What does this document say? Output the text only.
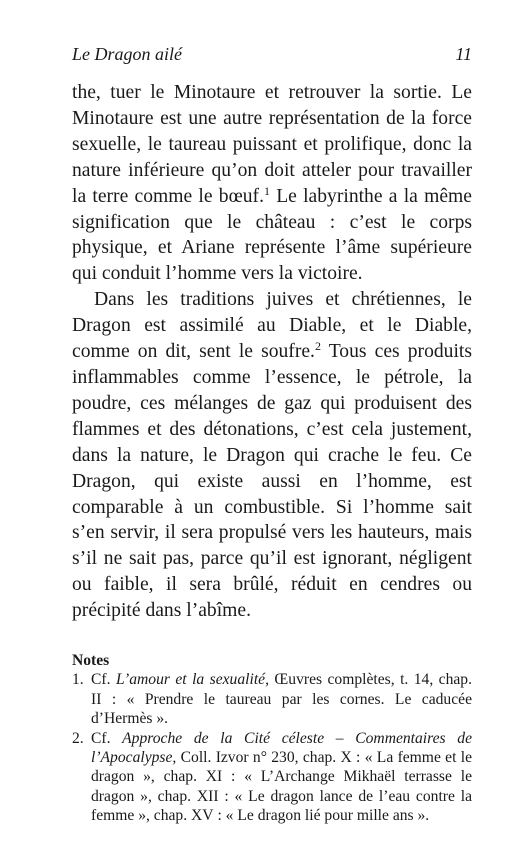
Le Dragon ailé	11

the, tuer le Minotaure et retrouver la sortie. Le Minotaure est une autre représentation de la force sexuelle, le taureau puissant et prolifique, donc la nature inférieure qu’on doit atteler pour travailler la terre comme le bœuf.$^1$ Le labyrinthe a la même signification que le château : c’est le corps physique, et Ariane représente l’âme supérieure qui conduit l’homme vers la victoire.

Dans les traditions juives et chrétiennes, le Dragon est assimilé au Diable, et le Diable, comme on dit, sent le soufre.$^2$ Tous ces produits inflammables comme l’essence, le pétrole, la poudre, ces mélanges de gaz qui produisent des flammes et des détonations, c’est cela justement, dans la nature, le Dragon qui crache le feu. Ce Dragon, qui existe aussi en l’homme, est comparable à un combustible. Si l’homme sait s’en servir, il sera propulsé vers les hauteurs, mais s’il ne sait pas, parce qu’il est ignorant, négligent ou faible, il sera brûlé, réduit en cendres ou précipité dans l’abîme.

Notes
1. Cf. L’amour et la sexualité, Œuvres complètes, t. 14, chap. II : « Prendre le taureau par les cornes. Le caducée d’Hermès ».
2. Cf. Approche de la Cité céleste – Commentaires de l’Apocalypse, Coll. Izvor n° 230, chap. X : « La femme et le dragon », chap. XI : « L’Archange Mikhaël terrasse le dragon », chap. XII : « Le dragon lance de l’eau contre la femme », chap. XV : « Le dragon lié pour mille ans ».
